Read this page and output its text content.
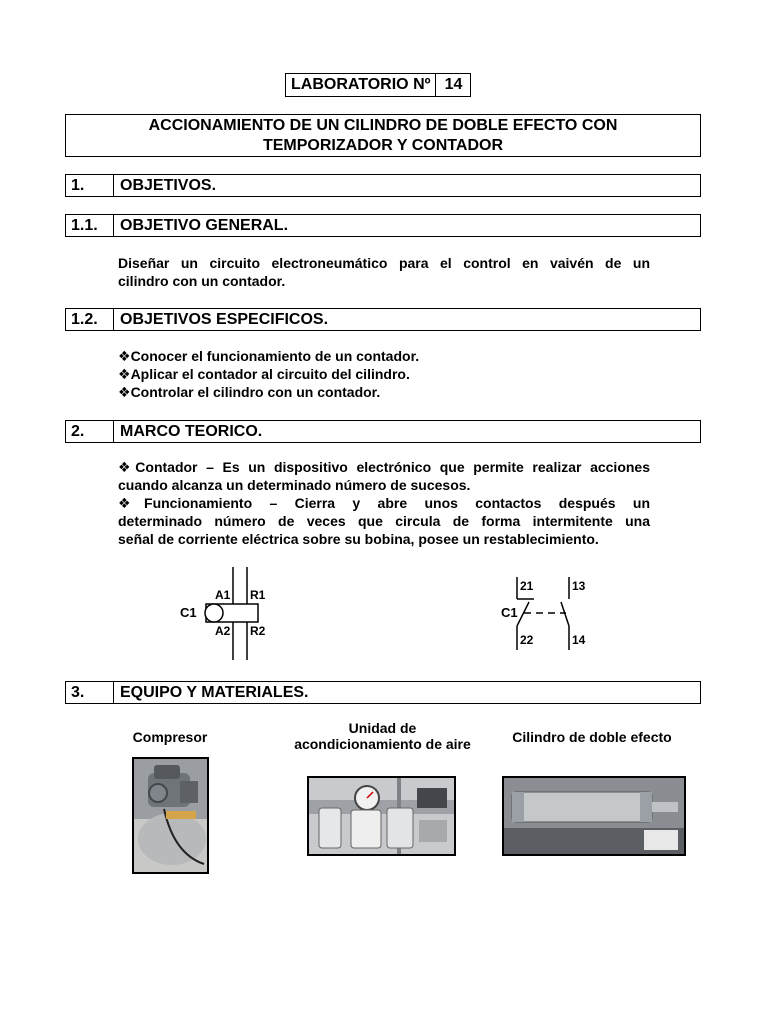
LABORATORIO Nº 14
ACCIONAMIENTO DE UN CILINDRO DE DOBLE EFECTO CON
TEMPORIZADOR Y CONTADOR
1.	OBJETIVOS.
1.1.	OBJETIVO GENERAL.
Diseñar un circuito electroneumático para el control en vaivén de un
cilindro con un contador.
1.2.	OBJETIVOS ESPECIFICOS.
❖Conocer el funcionamiento de un contador.
❖Aplicar el contador al circuito del cilindro.
❖Controlar el cilindro con un contador.
2.	MARCO TEORICO.
❖Contador – Es un dispositivo electrónico que permite realizar acciones
cuando alcanza un determinado número de sucesos.
❖Funcionamiento – Cierra y abre unos contactos después un
determinado número de veces que circula de forma intermitente una
señal de corriente eléctrica sobre su bobina, posee un restablecimiento.
C1
A1 R1
A2 R2
C1
21
22
13
14
3.	EQUIPO Y MATERIALES.
Compresor
Unidad de
acondicionamiento de aire	Cilindro de doble efecto
